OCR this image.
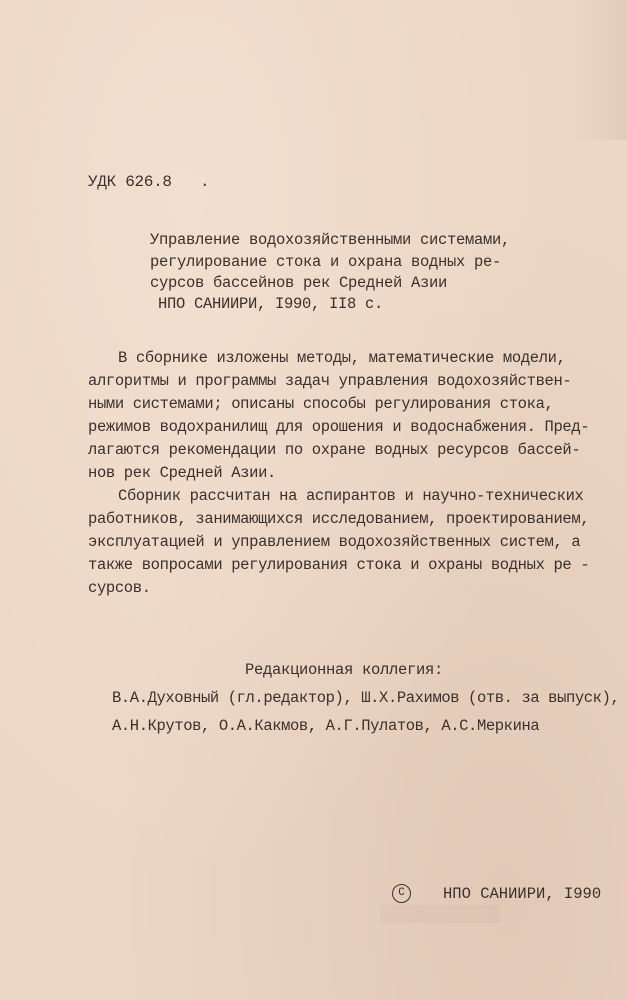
УДК 626.8 .
Управление водохозяйственными системами,
регулирование стока и охрана водных ре-
сурсов бассейнов рек Средней Азии
НПО САНИИРИ, I990, II8 с.
В сборнике изложены методы, математические модели,
алгоритмы и программы задач управления водохозяйствен-
ными системами; описаны способы регулирования стока,
режимов водохранилищ для орошения и водоснабжения. Пред-
лагаются рекомендации по охране водных ресурсов бассей-
нов рек Средней Азии.
Сборник рассчитан на аспирантов и научно-технических
работников, занимающихся исследованием, проектированием,
эксплуатацией и управлением водохозяйственных систем, а
также вопросами регулирования стока и охраны водных ре -
сурсов.
Редакционная коллегия:
В.А.Духовный (гл.редактор), Ш.Х.Рахимов (отв. за выпуск),
А.Н.Крутов, О.А.Какмов, А.Г.Пулатов, А.С.Меркина
C НПО САНИИРИ, I990
